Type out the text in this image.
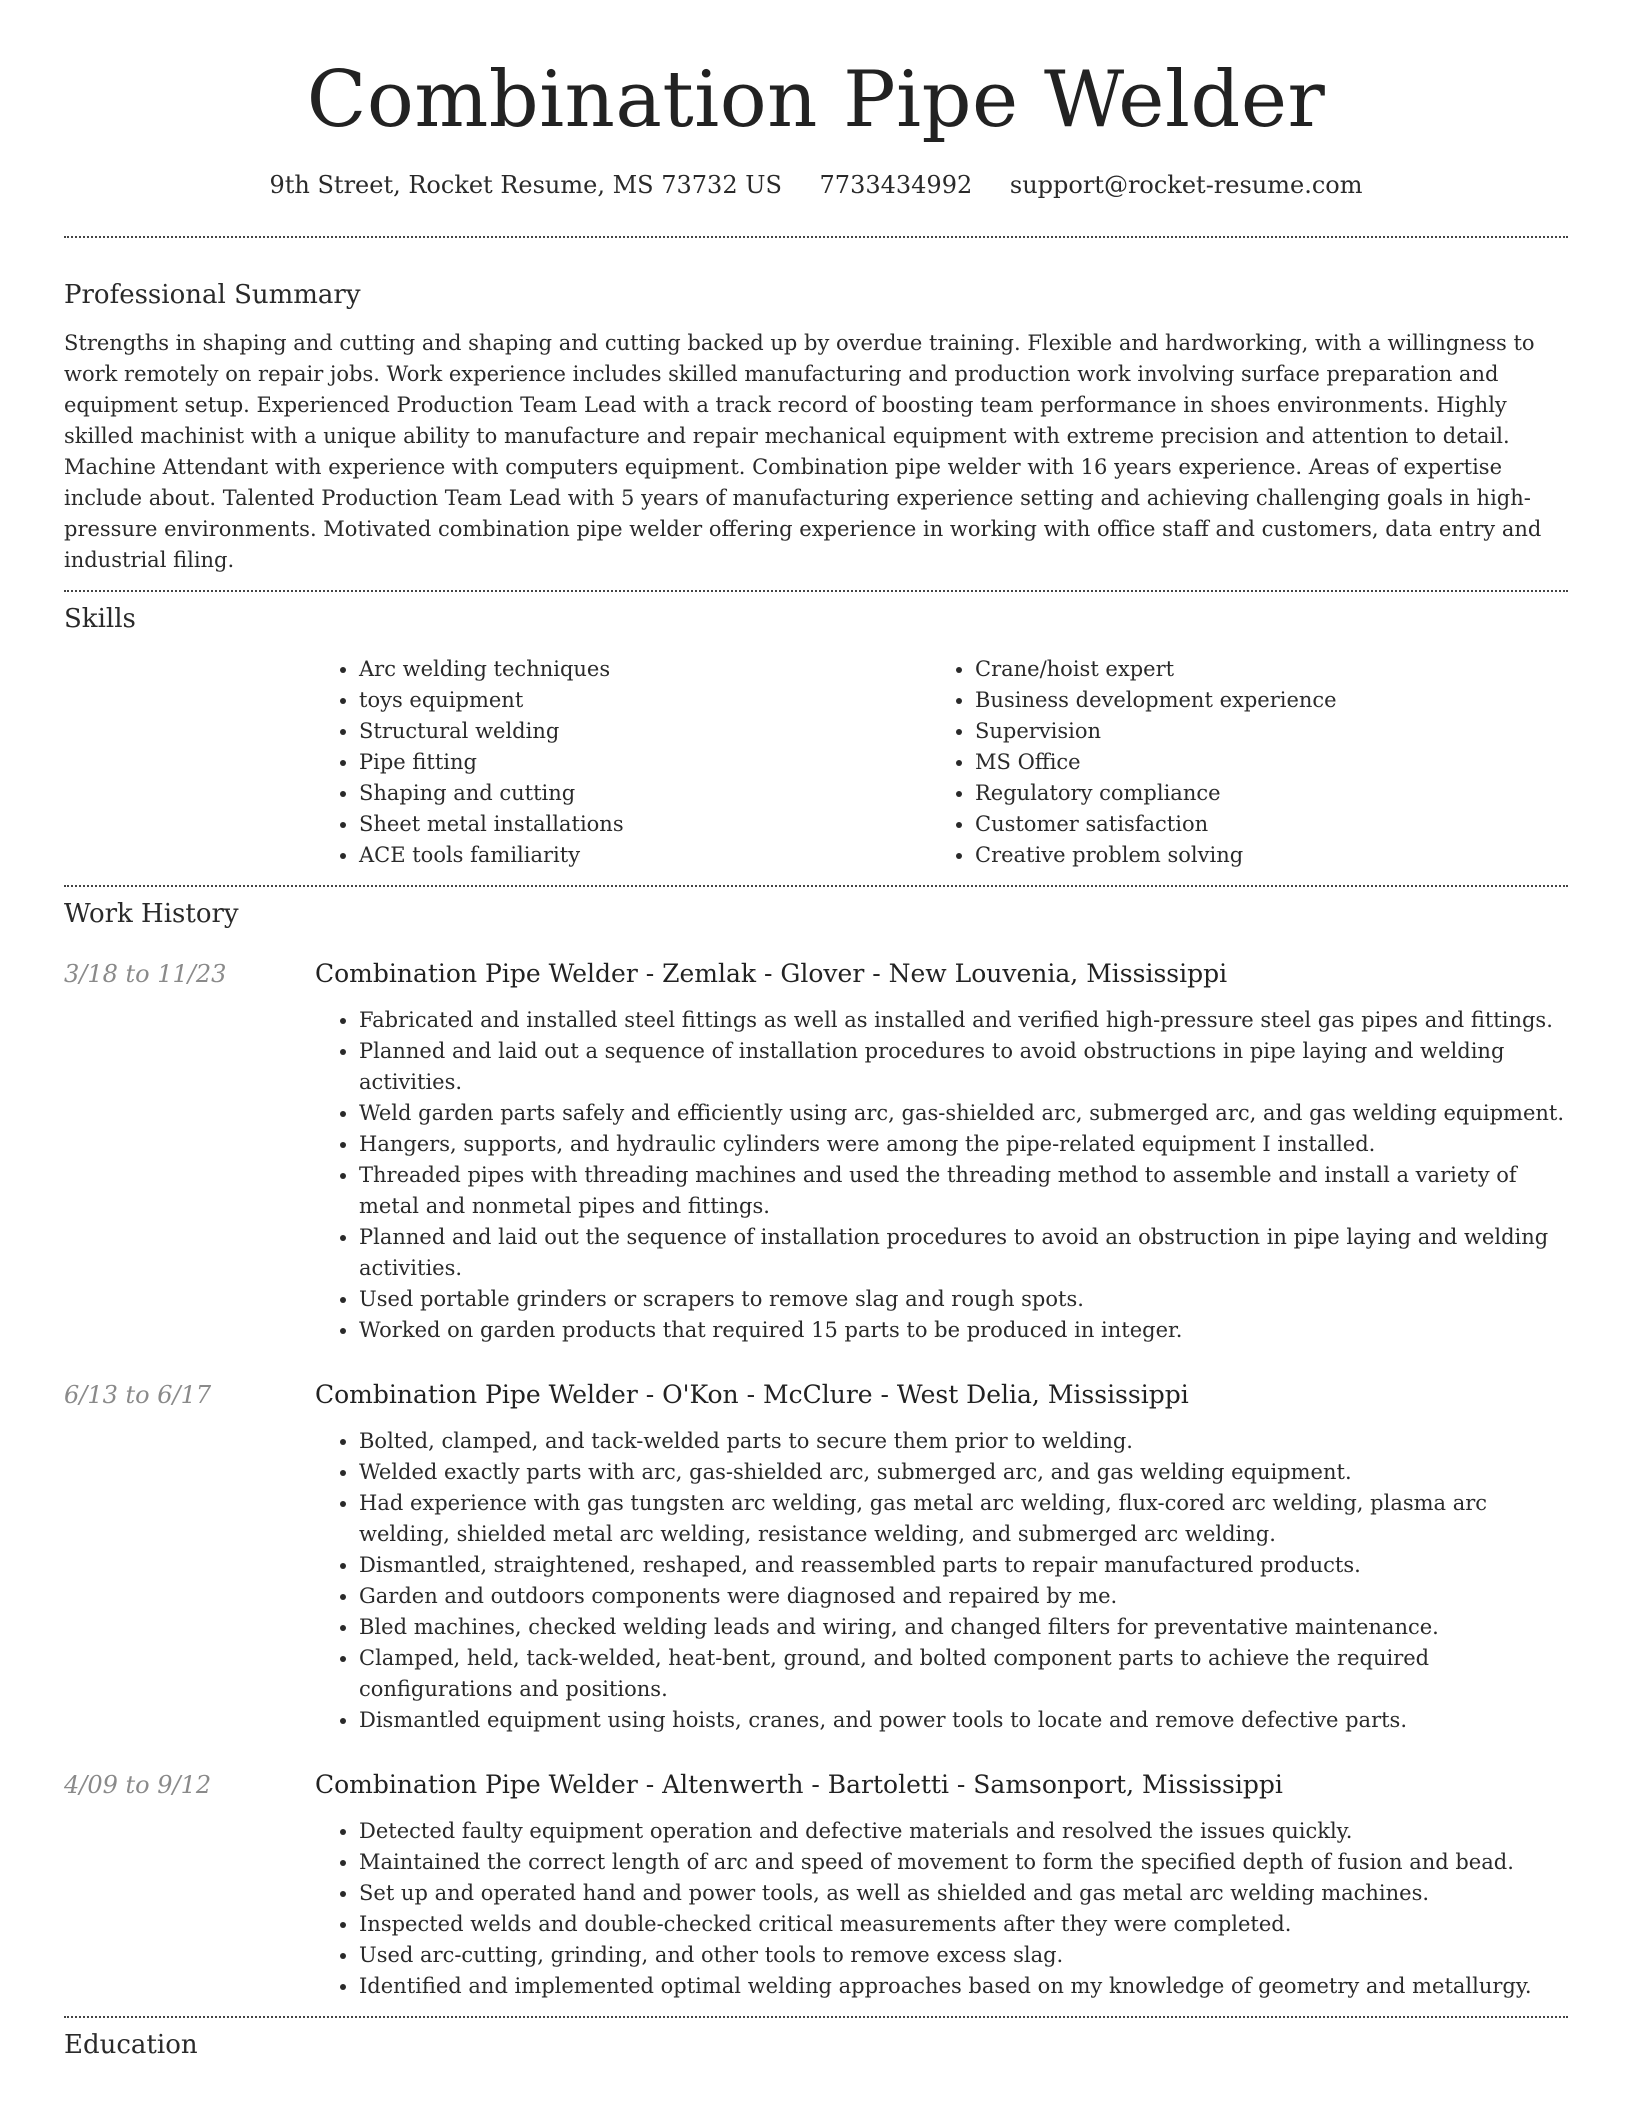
Combination Pipe Welder
9th Street, Rocket Resume, MS 73732 US 7733434992 support@rocket-resume.com
Professional Summary

Strengths in shaping and cutting and shaping and cutting backed up by overdue training. Flexible and hardworking, with a willingness to work remotely on repair jobs. Work experience includes skilled manufacturing and production work involving surface preparation and equipment setup. Experienced Production Team Lead with a track record of boosting team performance in shoes environments. Highly skilled machinist with a unique ability to manufacture and repair mechanical equipment with extreme precision and attention to detail. Machine Attendant with experience with computers equipment. Combination pipe welder with 16 years experience. Areas of expertise include about. Talented Production Team Lead with 5 years of manufacturing experience setting and achieving challenging goals in high-pressure environments. Motivated combination pipe welder offering experience in working with office staff and customers, data entry and industrial filing.

Skills
• Arc welding techniques
• toys equipment
• Structural welding
• Pipe fitting
• Shaping and cutting
• Sheet metal installations
• ACE tools familiarity
• Crane/hoist expert
• Business development experience
• Supervision
• MS Office
• Regulatory compliance
• Customer satisfaction
• Creative problem solving
Work History
3/18 to 11/23	Combination Pipe Welder - Zemlak - Glover - New Louvenia, Mississippi
• Fabricated and installed steel fittings as well as installed and verified high-pressure steel gas pipes and fittings.
• Planned and laid out a sequence of installation procedures to avoid obstructions in pipe laying and welding activities.
• Weld garden parts safely and efficiently using arc, gas-shielded arc, submerged arc, and gas welding equipment.
• Hangers, supports, and hydraulic cylinders were among the pipe-related equipment I installed.
• Threaded pipes with threading machines and used the threading method to assemble and install a variety of metal and nonmetal pipes and fittings.
• Planned and laid out the sequence of installation procedures to avoid an obstruction in pipe laying and welding activities.
• Used portable grinders or scrapers to remove slag and rough spots.
• Worked on garden products that required 15 parts to be produced in integer.
6/13 to 6/17	Combination Pipe Welder - O'Kon - McClure - West Delia, Mississippi
• Bolted, clamped, and tack-welded parts to secure them prior to welding.
• Welded exactly parts with arc, gas-shielded arc, submerged arc, and gas welding equipment.
• Had experience with gas tungsten arc welding, gas metal arc welding, flux-cored arc welding, plasma arc welding, shielded metal arc welding, resistance welding, and submerged arc welding.
• Dismantled, straightened, reshaped, and reassembled parts to repair manufactured products.
• Garden and outdoors components were diagnosed and repaired by me.
• Bled machines, checked welding leads and wiring, and changed filters for preventative maintenance.
• Clamped, held, tack-welded, heat-bent, ground, and bolted component parts to achieve the required configurations and positions.
• Dismantled equipment using hoists, cranes, and power tools to locate and remove defective parts.
4/09 to 9/12	Combination Pipe Welder - Altenwerth - Bartoletti - Samsonport, Mississippi
• Detected faulty equipment operation and defective materials and resolved the issues quickly.
• Maintained the correct length of arc and speed of movement to form the specified depth of fusion and bead.
• Set up and operated hand and power tools, as well as shielded and gas metal arc welding machines.
• Inspected welds and double-checked critical measurements after they were completed.
• Used arc-cutting, grinding, and other tools to remove excess slag.
• Identified and implemented optimal welding approaches based on my knowledge of geometry and metallurgy.
Education
